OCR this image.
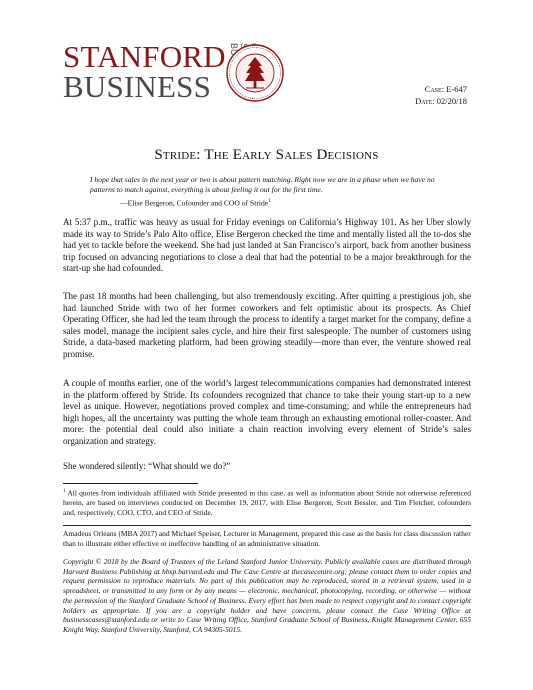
STANFORD
BUSINESS	Case: E-647
Date: 02/20/18
Stride: The Early Sales Decisions
I hope that sales in the next year or two is about pattern matching. Right now we are in a phase when we have no patterns to match against, everything is about feeling it out for the first time.
—Elise Bergeron, Cofounder and COO of Stride$^1$
At 5:37 p.m., traffic was heavy as usual for Friday evenings on California’s Highway 101. As her Uber slowly made its way to Stride’s Palo Alto office, Elise Bergeron checked the time and mentally listed all the to-dos she had yet to tackle before the weekend. She had just landed at San Francisco’s airport, back from another business trip focused on advancing negotiations to close a deal that had the potential to be a major breakthrough for the start-up she had cofounded.
The past 18 months had been challenging, but also tremendously exciting. After quitting a prestigious job, she had launched Stride with two of her former coworkers and felt optimistic about its prospects. As Chief Operating Officer, she had led the team through the process to identify a target market for the company, define a sales model, manage the incipient sales cycle, and hire their first salespeople. The number of customers using Stride, a data-based marketing platform, had been growing steadily—more than ever, the venture showed real promise.
A couple of months earlier, one of the world’s largest telecommunications companies had demonstrated interest in the platform offered by Stride. Its cofounders recognized that chance to take their young start-up to a new level as unique. However, negotiations proved complex and time-consuming; and while the entrepreneurs had high hopes, all the uncertainty was putting the whole team through an exhausting emotional roller-coaster. And more: the potential deal could also initiate a chain reaction involving every element of Stride’s sales organization and strategy.
She wondered silently: “What should we do?”
$^1$ All quotes from individuals affiliated with Stride presented in this case, as well as information about Stride not otherwise referenced herein, are based on interviews conducted on December 19, 2017, with Elise Bergeron, Scott Bessler, and Tim Fletcher, cofounders and, respectively, COO, CTO, and CEO of Stride.
Amadeus Orleans (MBA 2017) and Michael Speiser, Lecturer in Management, prepared this case as the basis for class discussion rather than to illustrate either effective or ineffective handling of an administrative situation.
Copyright © 2018 by the Board of Trustees of the Leland Stanford Junior University. Publicly available cases are distributed through Harvard Business Publishing at hbsp.harvard.edu and The Case Centre at thecasecentre.org; please contact them to order copies and request permission to reproduce materials. No part of this publication may be reproduced, stored in a retrieval system, used in a spreadsheet, or transmitted in any form or by any means — electronic, mechanical, photocopying, recording, or otherwise — without the permission of the Stanford Graduate School of Business. Every effort has been made to respect copyright and to contact copyright holders as appropriate. If you are a copyright holder and have concerns, please contact the Case Writing Office at businesscases@stanford.edu or write to Case Writing Office, Stanford Graduate School of Business, Knight Management Center, 655 Knight Way, Stanford University, Stanford, CA 94305-5015.
